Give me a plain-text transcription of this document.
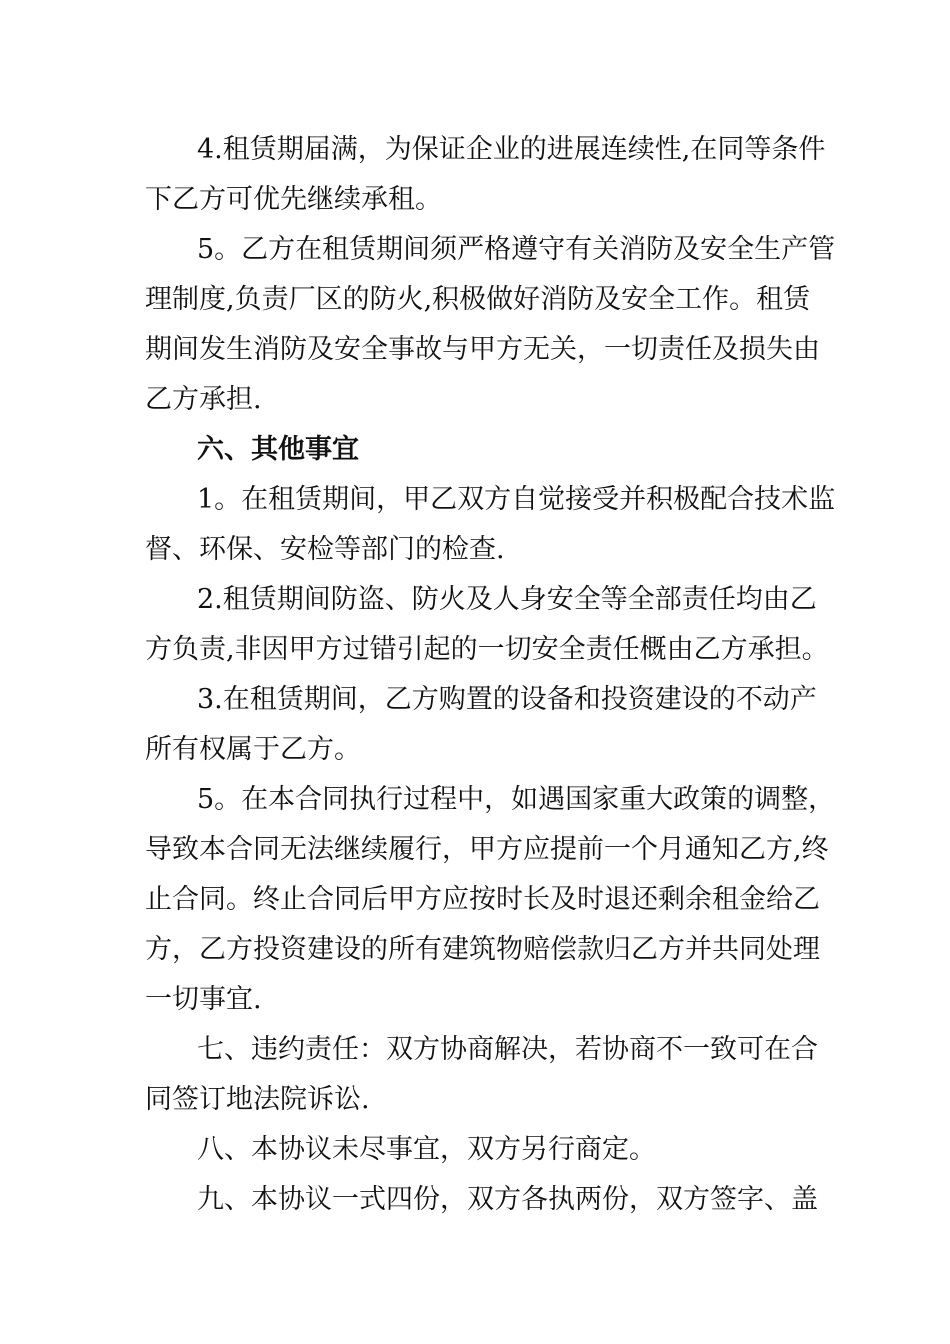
4.租赁期届满，为保证企业的进展连续性,在同等条件
下乙方可优先继续承租。
5。乙方在租赁期间须严格遵守有关消防及安全生产管
理制度,负责厂区的防火,积极做好消防及安全工作。租赁
期间发生消防及安全事故与甲方无关，一切责任及损失由
乙方承担.
六、其他事宜
1。在租赁期间，甲乙双方自觉接受并积极配合技术监
督、环保、安检等部门的检查.
2.租赁期间防盗、防火及人身安全等全部责任均由乙
方负责,非因甲方过错引起的一切安全责任概由乙方承担。
3.在租赁期间，乙方购置的设备和投资建设的不动产
所有权属于乙方。
5。在本合同执行过程中，如遇国家重大政策的调整，
导致本合同无法继续履行，甲方应提前一个月通知乙方,终
止合同。终止合同后甲方应按时长及时退还剩余租金给乙
方，乙方投资建设的所有建筑物赔偿款归乙方并共同处理
一切事宜.
七、违约责任：双方协商解决，若协商不一致可在合
同签订地法院诉讼.
八、本协议未尽事宜，双方另行商定。
九、本协议一式四份，双方各执两份，双方签字、盖
